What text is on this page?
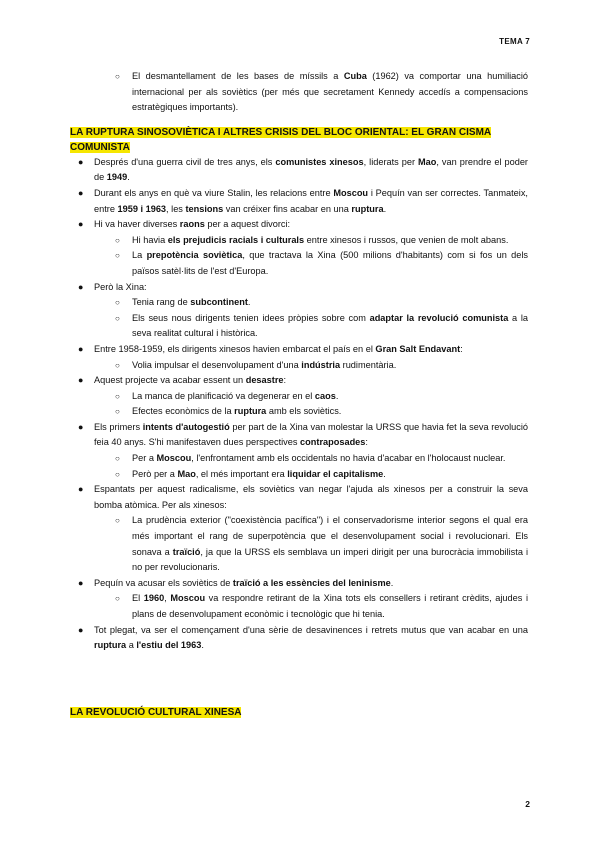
TEMA 7

○ El desmantellament de les bases de míssils a Cuba (1962) va comportar una humiliació internacional per als soviètics (per més que secretament Kennedy accedís a compensacions estratègiques importants).

LA RUPTURA SINOSOVIÈTICA I ALTRES CRISIS DEL BLOC ORIENTAL: EL GRAN CISMA COMUNISTA

● Després d'una guerra civil de tres anys, els comunistes xinesos, liderats per Mao, van prendre el poder de 1949.

● Durant els anys en què va viure Stalin, les relacions entre Moscou i Pequín van ser correctes. Tanmateix, entre 1959 i 1963, les tensions van créixer fins acabar en una ruptura.

● Hi va haver diverses raons per a aquest divorci:

○ Hi havia els prejudicis racials i culturals entre xinesos i russos, que venien de molt abans.

○ La prepotència soviètica, que tractava la Xina (500 milions d'habitants) com si fos un dels països satèl·lits de l'est d'Europa.

● Però la Xina:

○ Tenia rang de subcontinent.

○ Els seus nous dirigents tenien idees pròpies sobre com adaptar la revolució comunista a la seva realitat cultural i històrica.

● Entre 1958-1959, els dirigents xinesos havien embarcat el país en el Gran Salt Endavant:

○ Volia impulsar el desenvolupament d'una indústria rudimentària.

● Aquest projecte va acabar essent un desastre:

○ La manca de planificació va degenerar en el caos.

○ Efectes econòmics de la ruptura amb els soviètics.

● Els primers intents d'autogestió per part de la Xina van molestar la URSS que havia fet la seva revolució feia 40 anys. S'hi manifestaven dues perspectives contraposades:

○ Per a Moscou, l'enfrontament amb els occidentals no havia d'acabar en l'holocaust nuclear.

○ Però per a Mao, el més important era liquidar el capitalisme.

● Espantats per aquest radicalisme, els soviètics van negar l'ajuda als xinesos per a construir la seva bomba atòmica. Per als xinesos:

○ La prudència exterior ("coexistència pacífica") i el conservadorisme interior segons el qual era més important el rang de superpotència que el desenvolupament social i revolucionari. Els sonava a traïció, ja que la URSS els semblava un imperi dirigit per una burocràcia immobilista i no per revolucionaris.

● Pequín va acusar els soviètics de traïció a les essències del leninisme.

○ El 1960, Moscou va respondre retirant de la Xina tots els consellers i retirant crèdits, ajudes i plans de desenvolupament econòmic i tecnològic que hi tenia.

● Tot plegat, va ser el començament d'una sèrie de desavinences i retrets mutus que van acabar en una ruptura a l'estiu del 1963.

LA REVOLUCIÓ CULTURAL XINESA

2
